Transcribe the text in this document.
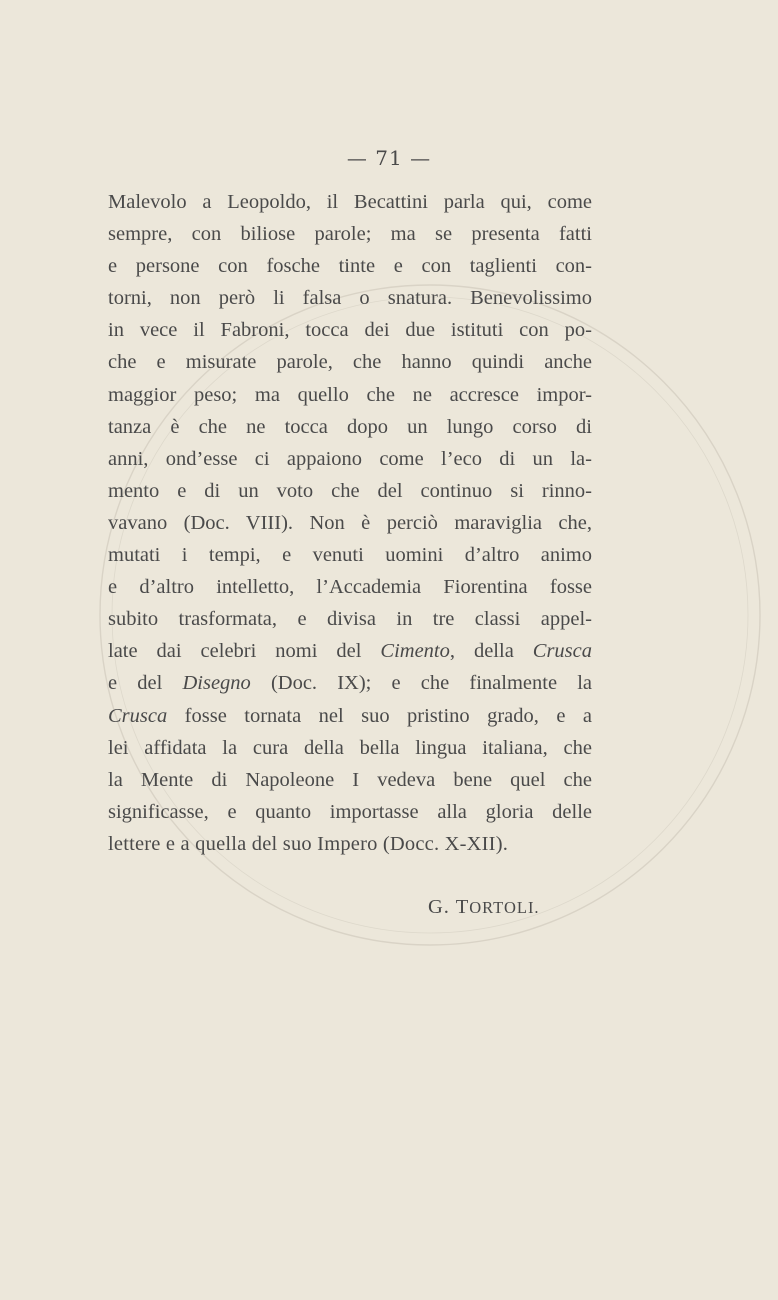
— 71 —
Malevolo a Leopoldo, il Becattini parla qui, come
sempre, con biliose parole; ma se presenta fatti
e persone con fosche tinte e con taglienti con-
torni, non però li falsa o snatura. Benevolissimo
in vece il Fabroni, tocca dei due istituti con po-
che e misurate parole, che hanno quindi anche
maggior peso; ma quello che ne accresce impor-
tanza è che ne tocca dopo un lungo corso di
anni, ond’esse ci appaiono come l’eco di un la-
mento e di un voto che del continuo si rinno-
vavano (Doc. VIII). Non è perciò maraviglia che,
mutati i tempi, e venuti uomini d’altro animo
e d’altro intelletto, l’Accademia Fiorentina fosse
subito trasformata, e divisa in tre classi appel-
late dai celebri nomi del Cimento, della Crusca
e del Disegno (Doc. IX); e che finalmente la
Crusca fosse tornata nel suo pristino grado, e a
lei affidata la cura della bella lingua italiana, che
la Mente di Napoleone I vedeva bene quel che
significasse, e quanto importasse alla gloria delle
lettere e a quella del suo Impero (Docc. X-XII).
G. TORTOLI.
